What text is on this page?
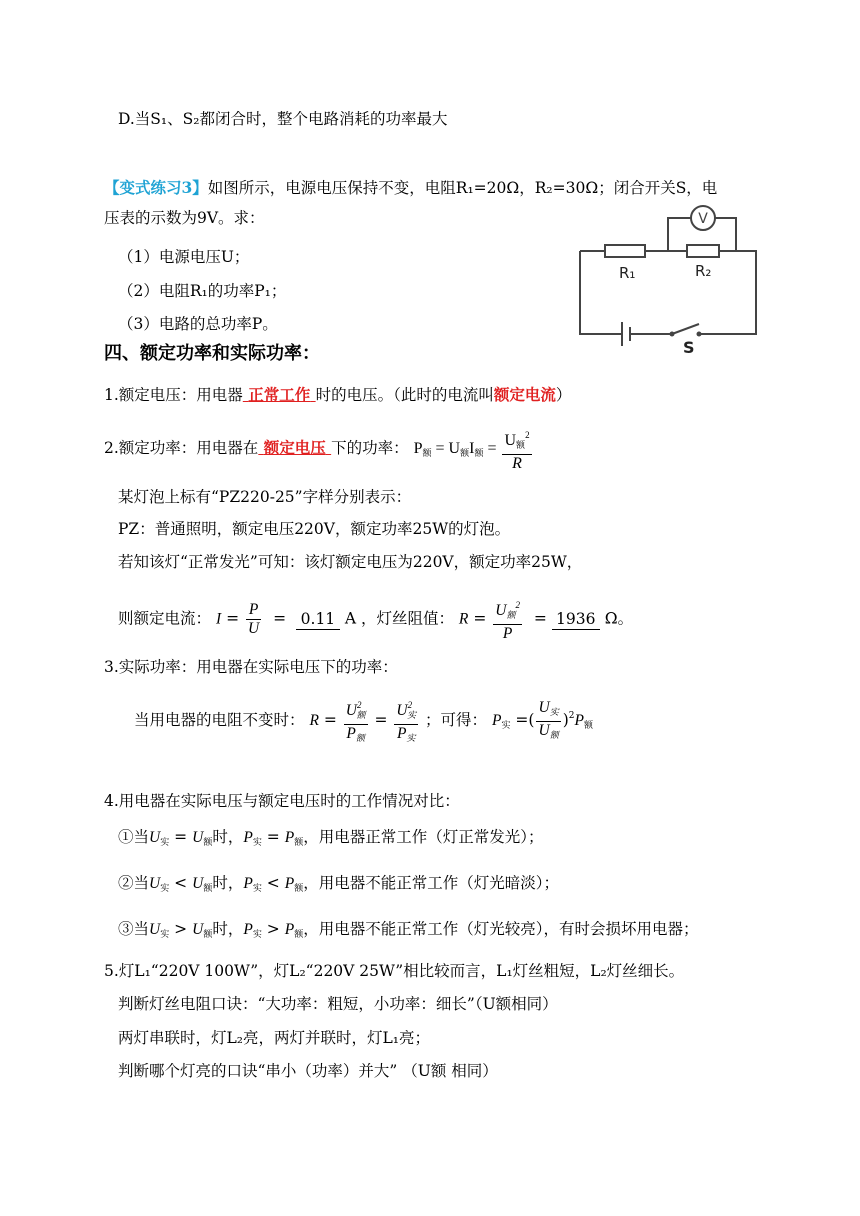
D.当S₁、S₂都闭合时，整个电路消耗的功率最大
【变式练习3】如图所示，电源电压保持不变，电阻R₁=20Ω，R₂=30Ω；闭合开关S，电
压表的示数为9V。求：
（1）电源电压U；
（2）电阻R₁的功率P₁；
（3）电路的总功率P。
V
R₁	R₂
S
四、额定功率和实际功率：
1.额定电压：用电器 正常工作 时的电压。（此时的电流叫额定电流）
2.额定功率：用电器在 额定电压 下的功率： $P_额 = U_额I_额 = U_额^2$
R
某灯泡上标有“PZ220-25”字样分别表示：
PZ：普通照明，额定电压220V，额定功率25W的灯泡。
若知该灯“正常发光”可知：该灯额定电压为220V，额定功率25W，
则额定电流： $I = \frac{P}{U} = 0.11$ A ，灯丝阻值： $R = U_额^2$
P
= 1936 Ω。
3.实际功率：用电器在实际电压下的功率：
当用电器的电阻不变时： R =
$U^2_额$
$P_额$
=
$U^2_实$
$P_实$
；可得： $P_实$ =(
$U_实$
$U_额$
)$^2P_额$
4.用电器在实际电压与额定电压时的工作情况对比：
①当$U_实 = U_额$时，$P_实 = P_额$，用电器正常工作（灯正常发光）；
②当$U_实 < U_额$时，$P_实 < P_额$，用电器不能正常工作（灯光暗淡）；
③当$U_实 > U_额$时，$P_实 > P_额$，用电器不能正常工作（灯光较亮），有时会损坏用电器；
5.灯L₁“220V 100W”，灯L₂“220V 25W”相比较而言，L₁灯丝粗短，L₂灯丝细长。
判断灯丝电阻口诀：“大功率：粗短，小功率：细长”（U额相同）
两灯串联时，灯L₂亮，两灯并联时，灯L₁亮；
判断哪个灯亮的口诀“串小（功率）并大” （U额 相同）
